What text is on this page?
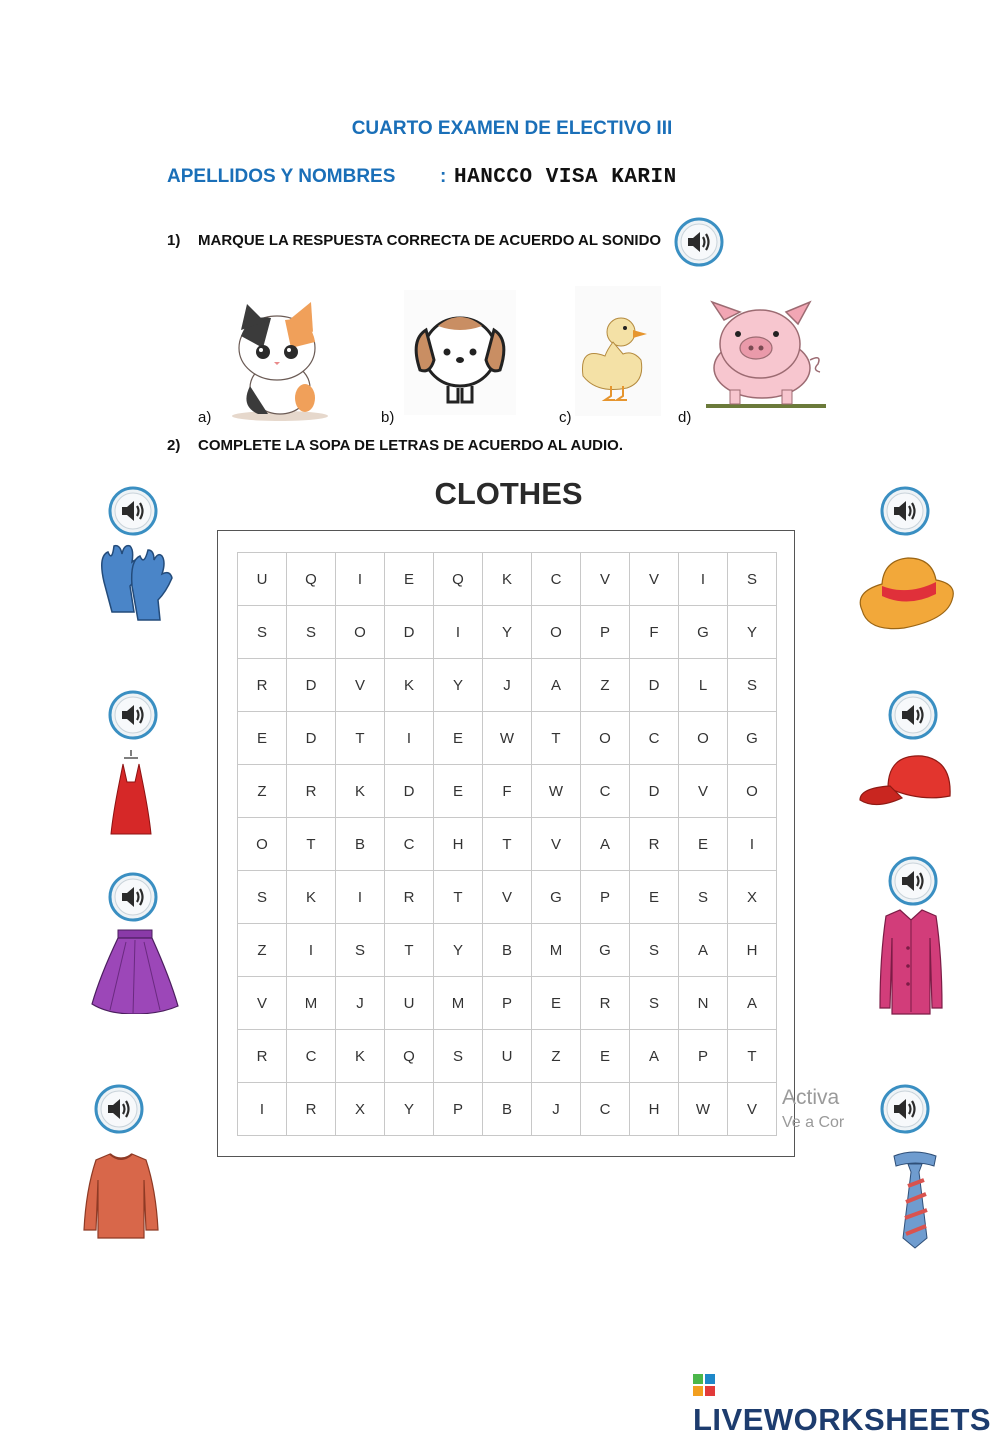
CUARTO EXAMEN DE ELECTIVO III
APELLIDOS Y NOMBRES : HANCCO VISA KARIN
1) MARQUE LA RESPUESTA CORRECTA DE ACUERDO AL SONIDO
a)	b)	c)	d)
2) COMPLETE LA SOPA DE LETRAS DE ACUERDO AL AUDIO.
CLOTHES
U	Q	I	E	Q	K	C	V	V	I	S
S	S	O	D	I	Y	O	P	F	G	Y
R	D	V	K	Y	J	A	Z	D	L	S
E	D	T	I	E	W	T	O	C	O	G
Z	R	K	D	E	F	W	C	D	V	O
O	T	B	C	H	T	V	A	R	E	I
S	K	I	R	T	V	G	P	E	S	X
Z	I	S	T	Y	B	M	G	S	A	H
V	M	J	U	M	P	E	R	S	N	A
R	C	K	Q	S	U	Z	E	A	P	T
I	R	X	Y	P	B	J	C	H	W	V Activa
Ve a Cor
LIVEWORKSHEETS
